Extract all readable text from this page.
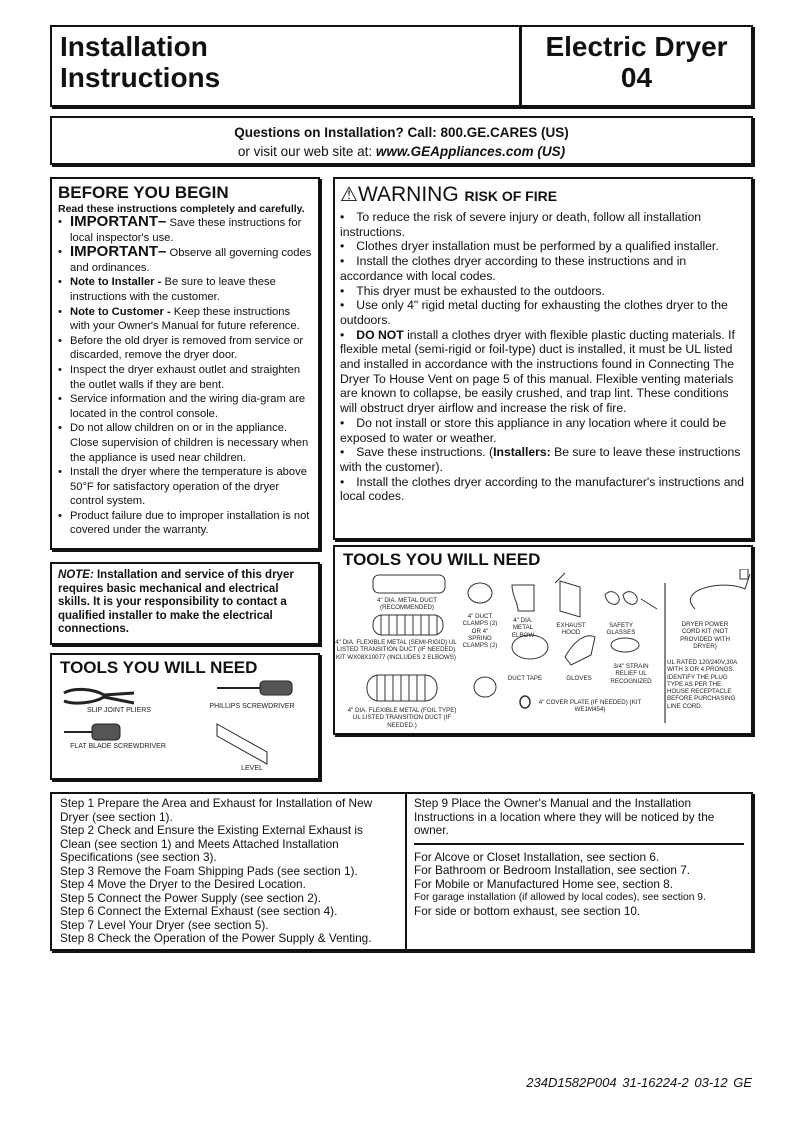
Installation
Instructions
Electric Dryer
04
Questions on Installation? Call: 800.GE.CARES (US)
or visit our web site at: www.GEAppliances.com (US)
BEFORE YOU BEGIN
Read these instructions completely and carefully.
• IMPORTANT– Save these instructions for local inspector's use.
• IMPORTANT– Observe all governing codes and ordinances.
• Note to Installer - Be sure to leave these instructions with the customer.
• Note to Customer - Keep these instructions with your Owner's Manual for future reference.
• Before the old dryer is removed from service or discarded, remove the dryer door.
• Inspect the dryer exhaust outlet and straighten the outlet walls if they are bent.
• Service information and the wiring dia-gram are located in the control console.
• Do not allow children on or in the appliance. Close supervision of children is necessary when the appliance is used near children.
• Install the dryer where the temperature is above 50°F for satisfactory operation of the dryer control system.
• Product failure due to improper installation is not covered under the warranty.
NOTE: Installation and service of this dryer requires basic mechanical and electrical skills. It is your responsibility to contact a qualified installer to make the electrical connections.
TOOLS YOU WILL NEED
SLIP JOINT PLIERS
PHILLIPS SCREWDRIVER
FLAT BLADE SCREWDRIVER
LEVEL
⚠WARNING RISK OF FIRE
• To reduce the risk of severe injury or death, follow all installation instructions.
• Clothes dryer installation must be performed by a qualified installer.
• Install the clothes dryer according to these instructions and in accordance with local codes.
• This dryer must be exhausted to the outdoors.
• Use only 4" rigid metal ducting for exhausting the clothes dryer to the outdoors.
• DO NOT install a clothes dryer with flexible plastic ducting materials. If flexible metal (semi-rigid or foil-type) duct is installed, it must be UL listed and installed in accordance with the instructions found in Connecting The Dryer To House Vent on page 5 of this manual. Flexible venting materials are known to collapse, be easily crushed, and trap lint. These conditions will obstruct dryer airflow and increase the risk of fire.
• Do not install or store this appliance in any location where it could be exposed to water or weather.
• Save these instructions. (Installers: Be sure to leave these instructions with the customer).
• Install the clothes dryer according to the manufacturer's instructions and local codes.
TOOLS YOU WILL NEED
4" DIA. METAL DUCT (RECOMMENDED)
4" DIA. FLEXIBLE METAL (SEMI-RIGID) UL LISTED TRANSITION DUCT (IF NEEDED) KIT WX08X10077 (INCLUDES 2 ELBOWS)
4" DIA. FLEXIBLE METAL (FOIL TYPE) UL LISTED TRANSITION DUCT (IF NEEDED.)
4" DUCT CLAMPS (2) OR 4" SPRING CLAMPS (2)
4" DIA. METAL ELBOW
EXHAUST HOOD
SAFETY GLASSES
DUCT TAPE	GLOVES
3/4" STRAIN RELIEF UL RECOGNIZED
4" COVER PLATE (IF NEEDED) (KIT WE1M454)
DRYER POWER CORD KIT (NOT PROVIDED WITH DRYER)
UL RATED 120/240V,30A WITH 3 OR 4 PRONGS. IDENTIFY THE PLUG TYPE AS PER THE HOUSE RECEPTACLE BEFORE PURCHASING LINE CORD.
Step 1 Prepare the Area and Exhaust for Installation of New Dryer (see section 1).
Step 2 Check and Ensure the Existing External Exhaust is Clean (see section 1) and Meets Attached Installation Specifications (see section 3).
Step 3 Remove the Foam Shipping Pads (see section 1).
Step 4 Move the Dryer to the Desired Location.
Step 5 Connect the Power Supply (see section 2).
Step 6 Connect the External Exhaust (see section 4).
Step 7 Level Your Dryer (see section 5).
Step 8 Check the Operation of the Power Supply & Venting.
Step 9 Place the Owner's Manual and the Installation Instructions in a location where they will be noticed by the owner.
For Alcove or Closet Installation, see section 6.
For Bathroom or Bedroom Installation, see section 7.
For Mobile or Manufactured Home see, section 8.
For garage installation (if allowed by local codes), see section 9.
For side or bottom exhaust, see section 10.
234D1582P004 31-16224-2 03-12 GE
